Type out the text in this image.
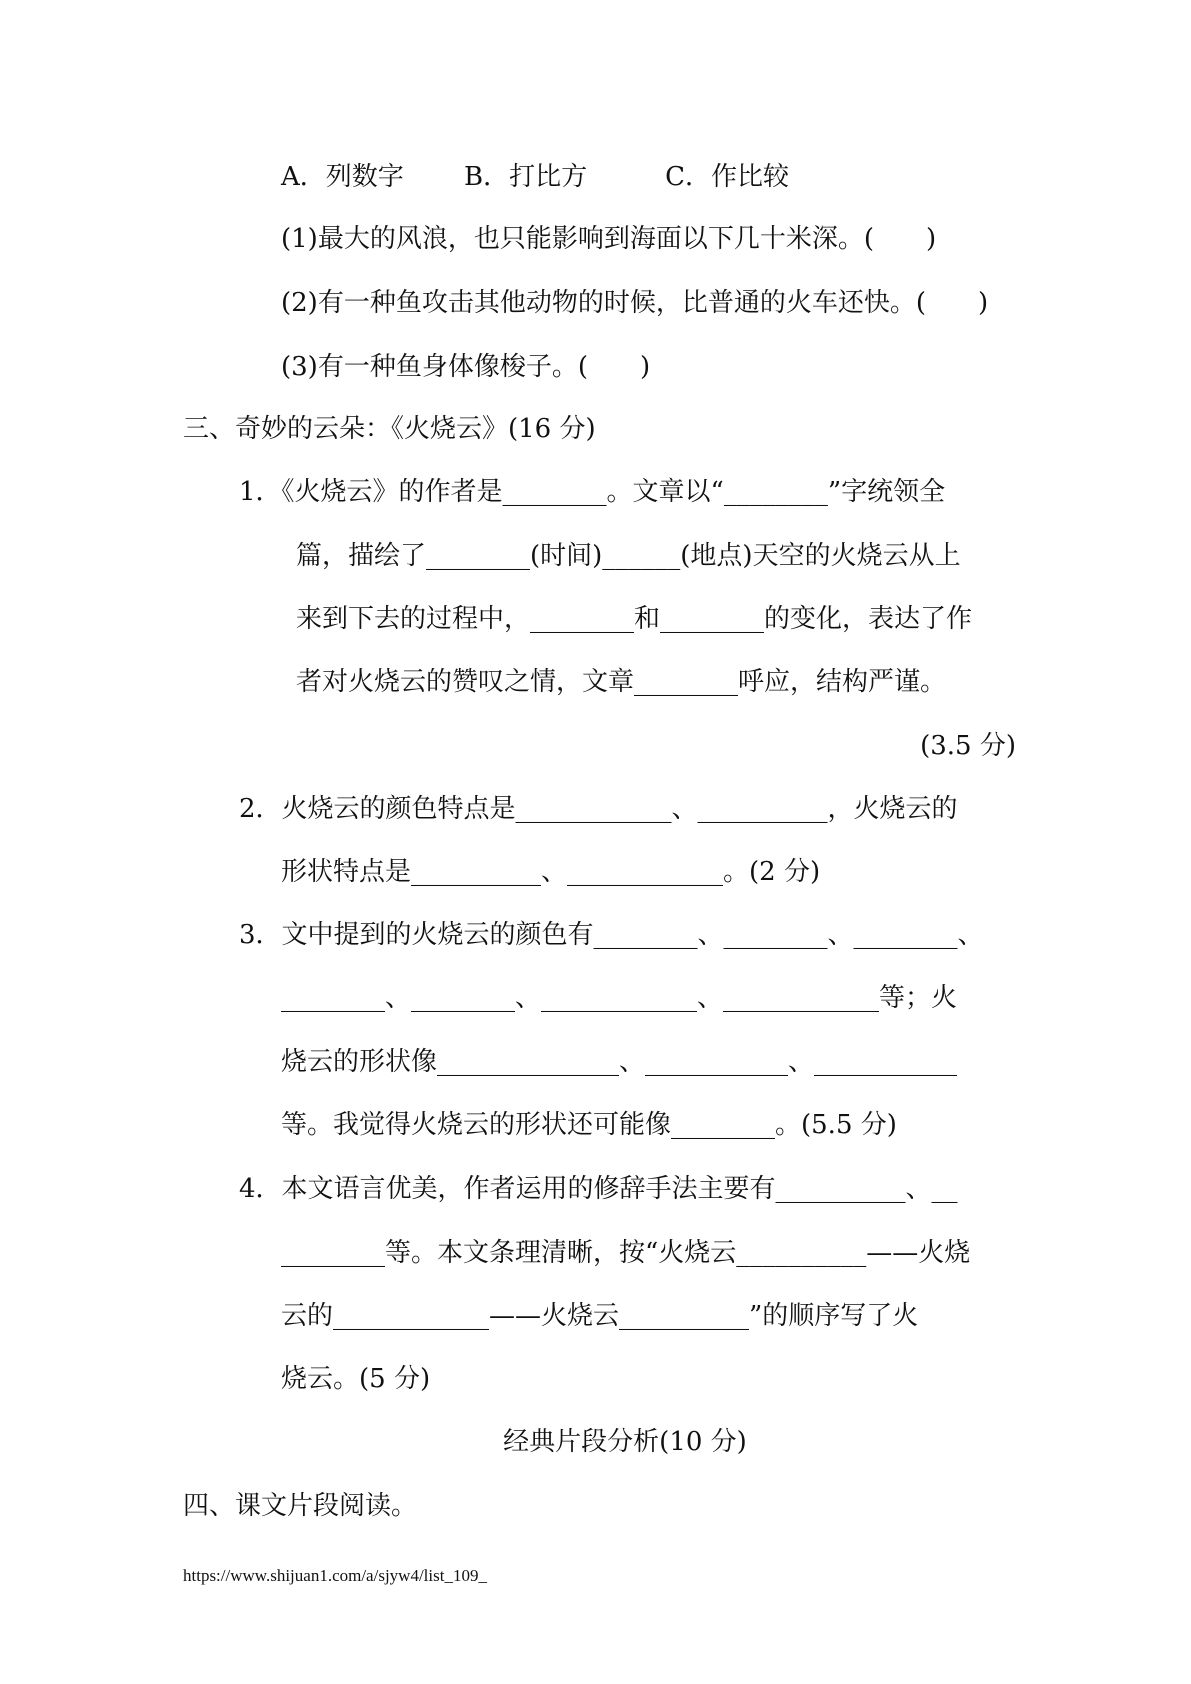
A．列数字　　 B．打比方　　　C．作比较
(1)最大的风浪，也只能影响到海面以下几十米深。(　　)
(2)有一种鱼攻击其他动物的时候，比普通的火车还快。(　　)
(3)有一种鱼身体像梭子。(　　)
三、奇妙的云朵：《火烧云》(16 分)
1．《火烧云》的作者是________。文章以“________”字统领全
篇，描绘了________(时间)______(地点)天空的火烧云从上
来到下去的过程中，________和________的变化，表达了作
者对火烧云的赞叹之情，文章________呼应，结构严谨。
(3.5 分)
2．火烧云的颜色特点是____________、__________，火烧云的
形状特点是__________、____________。(2 分)
3．文中提到的火烧云的颜色有________、________、________、
________、________、____________、____________等；火
烧云的形状像______________、___________、___________
等。我觉得火烧云的形状还可能像________。(5.5 分)
4．本文语言优美，作者运用的修辞手法主要有__________、__
________等。本文条理清晰，按“火烧云__________——火烧
云的____________——火烧云__________”的顺序写了火
烧云。(5 分)
经典片段分析(10 分)
四、课文片段阅读。
https://www.shijuan1.com/a/sjyw4/list_109_
